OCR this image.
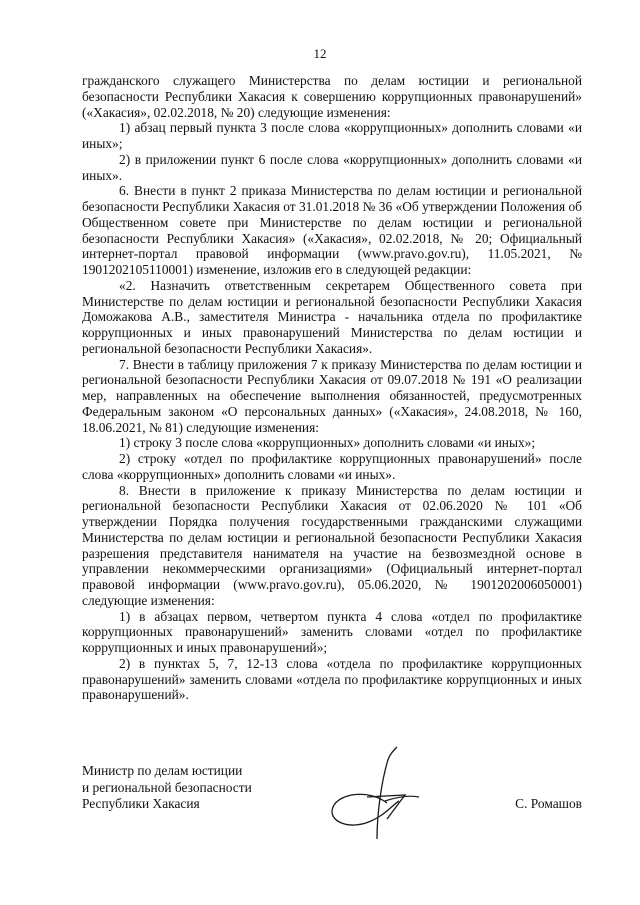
12

гражданского служащего Министерства по делам юстиции и региональной безопасности Республики Хакасия к совершению коррупционных правонарушений» («Хакасия», 02.02.2018, № 20) следующие изменения:

1) абзац первый пункта 3 после слова «коррупционных» дополнить словами «и иных»;

2) в приложении пункт 6 после слова «коррупционных» дополнить словами «и иных».

6. Внести в пункт 2 приказа Министерства по делам юстиции и региональной безопасности Республики Хакасия от 31.01.2018 № 36 «Об утверждении Положения об Общественном совете при Министерстве по делам юстиции и региональной безопасности Республики Хакасия» («Хакасия», 02.02.2018, № 20; Официальный интернет-портал правовой информации (www.pravo.gov.ru), 11.05.2021, № 1901202105110001) изменение, изложив его в следующей редакции:

«2. Назначить ответственным секретарем Общественного совета при Министерстве по делам юстиции и региональной безопасности Республики Хакасия Доможакова А.В., заместителя Министра - начальника отдела по профилактике коррупционных и иных правонарушений Министерства по делам юстиции и региональной безопасности Республики Хакасия».

7. Внести в таблицу приложения 7 к приказу Министерства по делам юстиции и региональной безопасности Республики Хакасия от 09.07.2018 № 191 «О реализации мер, направленных на обеспечение выполнения обязанностей, предусмотренных Федеральным законом «О персональных данных» («Хакасия», 24.08.2018, № 160, 18.06.2021, № 81) следующие изменения:

1) строку 3 после слова «коррупционных» дополнить словами «и иных»;

2) строку «отдел по профилактике коррупционных правонарушений» после слова «коррупционных» дополнить словами «и иных».

8. Внести в приложение к приказу Министерства по делам юстиции и региональной безопасности Республики Хакасия от 02.06.2020 № 101 «Об утверждении Порядка получения государственными гражданскими служащими Министерства по делам юстиции и региональной безопасности Республики Хакасия разрешения представителя нанимателя на участие на безвозмездной основе в управлении некоммерческими организациями» (Официальный интернет-портал правовой информации (www.pravo.gov.ru), 05.06.2020, № 1901202006050001) следующие изменения:

1) в абзацах первом, четвертом пункта 4 слова «отдел по профилактике коррупционных правонарушений» заменить словами «отдел по профилактике коррупционных и иных правонарушений»;

2) в пунктах 5, 7, 12-13 слова «отдела по профилактике коррупционных правонарушений» заменить словами «отдела по профилактике коррупционных и иных правонарушений».

Министр по делам юстиции
и региональной безопасности
Республики Хакасия	С. Ромашов
